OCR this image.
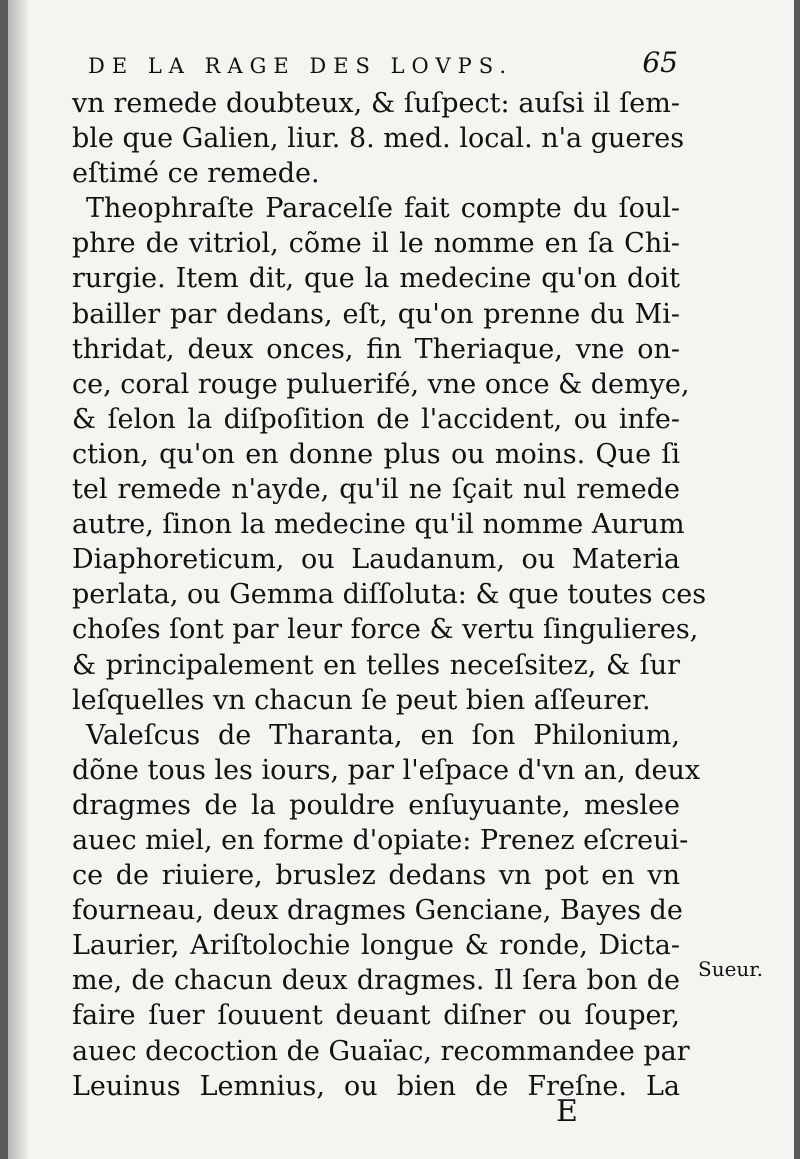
DE LA RAGE DES LOVPS.	65
vn remede doubteux, & ſuſpect: auſsi il ſem-
ble que Galien, liur. 8. med. local. n'a gueres
eſtimé ce remede.
Theophraſte Paracelſe fait compte du ſoul-
phre de vitriol, cõme il le nomme en ſa Chi-
rurgie. Item dit, que la medecine qu'on doit
bailler par dedans, eſt, qu'on prenne du Mi-
thridat, deux onces, fin Theriaque, vne on-
ce, coral rouge puluerifé, vne once & demye,
& ſelon la diſpoſition de l'accident, ou infe-
ction, qu'on en donne plus ou moins. Que ſi
tel remede n'ayde, qu'il ne ſçait nul remede
autre, ſinon la medecine qu'il nomme Aurum
Diaphoreticum, ou Laudanum, ou Materia
perlata, ou Gemma diſſoluta: & que toutes ces
choſes ſont par leur force & vertu ſingulieres,
& principalement en telles neceſsitez, & ſur
leſquelles vn chacun ſe peut bien aſſeurer.
Valeſcus de Tharanta, en ſon Philonium,
dõne tous les iours, par l'eſpace d'vn an, deux
dragmes de la pouldre enſuyuante, meslee
auec miel, en forme d'opiate: Prenez eſcreui-
ce de riuiere, bruslez dedans vn pot en vn
fourneau, deux dragmes Genciane, Bayes de
Laurier, Ariſtolochie longue & ronde, Dicta-
me, de chacun deux dragmes. Il ſera bon de
faire ſuer ſouuent deuant diſner ou ſouper,
auec decoction de Guaïac, recommandee par
Leuinus Lemnius, ou bien de Freſne. La
Sueur.
E
